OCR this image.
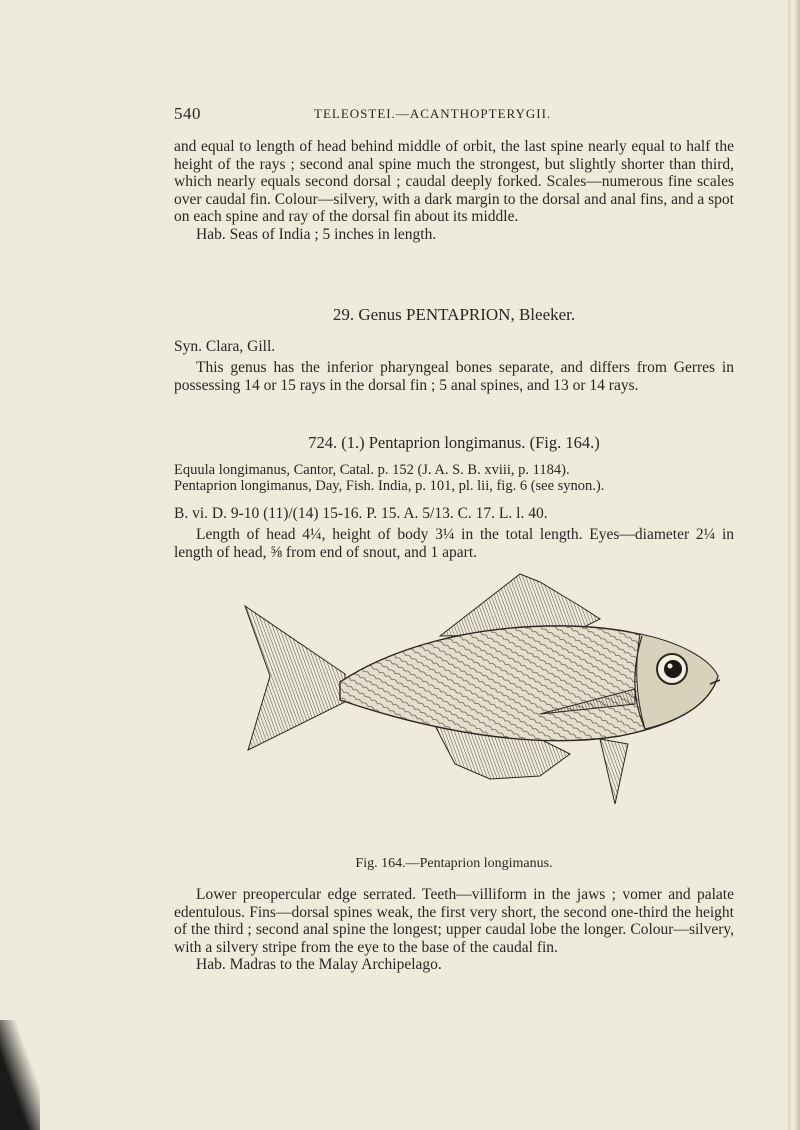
540	TELEOSTEI.—ACANTHOPTERYGII.

and equal to length of head behind middle of orbit, the last spine nearly equal to half the height of the rays ; second anal spine much the strongest, but slightly shorter than third, which nearly equals second dorsal ; caudal deeply forked. Scales—numerous fine scales over caudal fin. Colour—silvery, with a dark margin to the dorsal and anal fins, and a spot on each spine and ray of the dorsal fin about its middle.

Hab. Seas of India ; 5 inches in length.

29. Genus PENTAPRION, Bleeker.

Syn. Clara, Gill.

This genus has the inferior pharyngeal bones separate, and differs from Gerres in possessing 14 or 15 rays in the dorsal fin ; 5 anal spines, and 13 or 14 rays.

724. (1.) Pentaprion longimanus. (Fig. 164.)

Equula longimanus, Cantor, Catal. p. 152 (J. A. S. B. xviii, p. 1184).

Pentaprion longimanus, Day, Fish. India, p. 101, pl. lii, fig. 6 (see synon.).

B. vi. D. 9-10 (11)/(14) 15-16. P. 15. A. 5/13. C. 17. L. l. 40.

Length of head 4¼, height of body 3¼ in the total length. Eyes—diameter 2¼ in length of head, ⅝ from end of snout, and 1 apart.

Fig. 164.—Pentaprion longimanus.

Lower preopercular edge serrated. Teeth—villiform in the jaws ; vomer and palate edentulous. Fins—dorsal spines weak, the first very short, the second one-third the height of the third ; second anal spine the longest; upper caudal lobe the longer. Colour—silvery, with a silvery stripe from the eye to the base of the caudal fin.

Hab. Madras to the Malay Archipelago.
